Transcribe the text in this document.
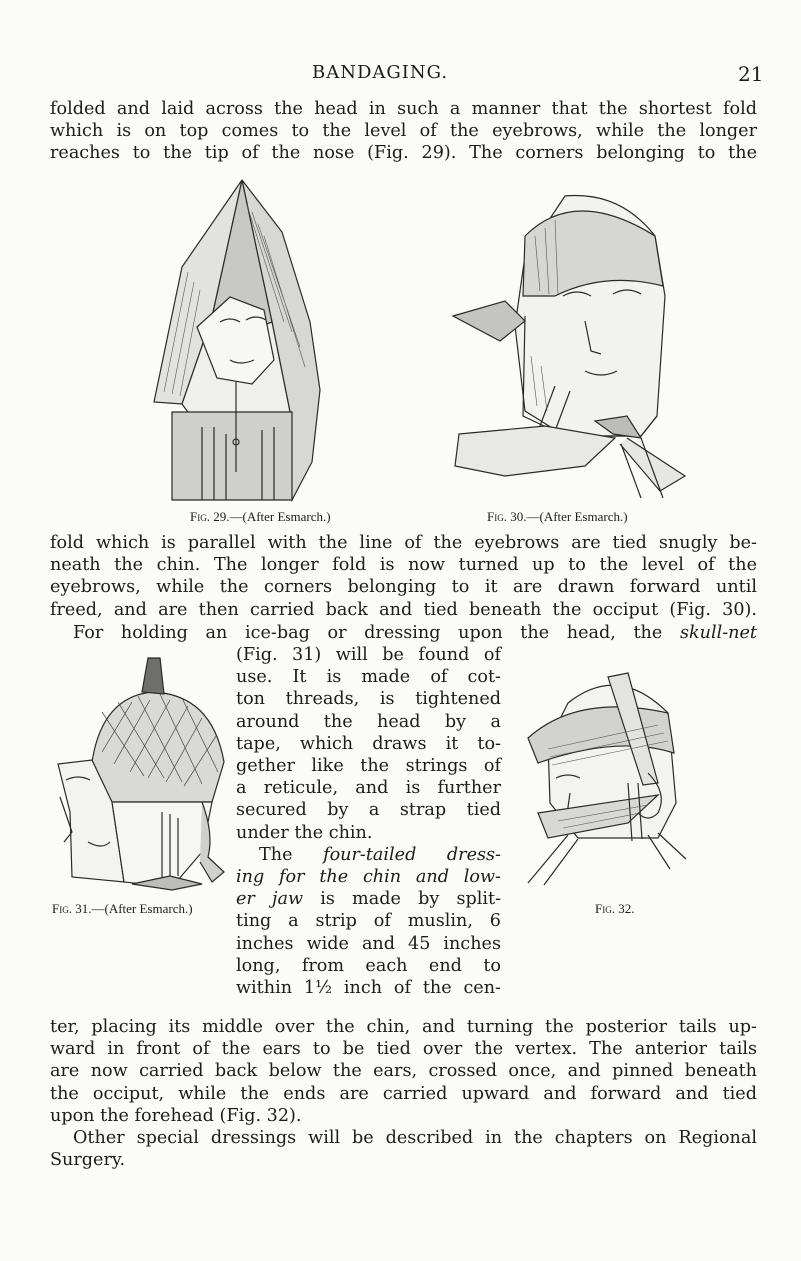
BANDAGING.	21
folded and laid across the head in such a manner that the shortest fold
which is on top comes to the level of the eyebrows, while the longer
reaches to the tip of the nose (Fig. 29). The corners belonging to the
Fig. 29.—(After Esmarch.)	Fig. 30.—(After Esmarch.)
fold which is parallel with the line of the eyebrows are tied snugly be-
neath the chin. The longer fold is now turned up to the level of the
eyebrows, while the corners belonging to it are drawn forward until
freed, and are then carried back and tied beneath the occiput (Fig. 30).
For holding an ice-bag or dressing upon the head, the skull-net
Fig. 31.—(After Esmarch.)
(Fig. 31) will be found of
use. It is made of cot-
ton threads, is tightened
around the head by a
tape, which draws it to-
gether like the strings of
a reticule, and is further
secured by a strap tied
under the chin.
The four-tailed dress-
ing for the chin and low-
er jaw is made by split-
ting a strip of muslin, 6
inches wide and 45 inches
long, from each end to
within 1½ inch of the cen-
Fig. 32.
ter, placing its middle over the chin, and turning the posterior tails up-
ward in front of the ears to be tied over the vertex. The anterior tails
are now carried back below the ears, crossed once, and pinned beneath
the occiput, while the ends are carried upward and forward and tied
upon the forehead (Fig. 32).
Other special dressings will be described in the chapters on Regional
Surgery.
